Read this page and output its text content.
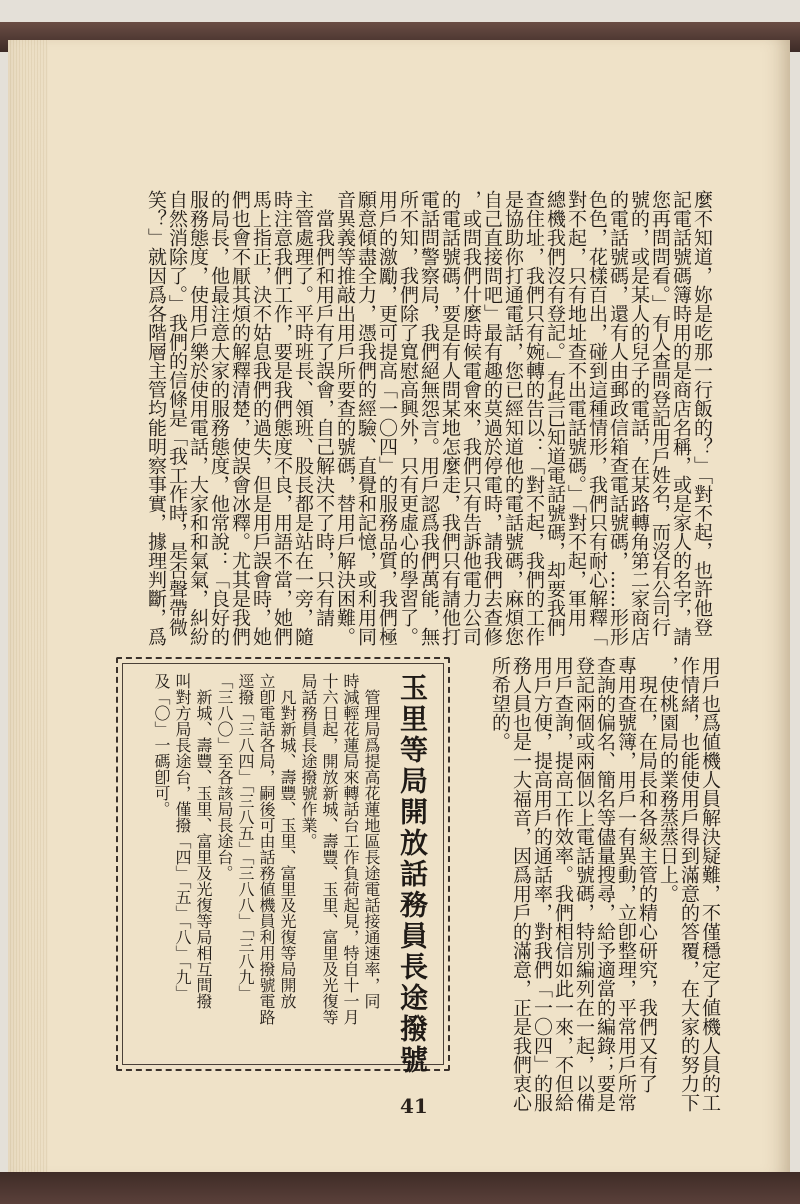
麼不知道，妳是吃那一行飯的？」「對不起，也許他登
記電話號碼簿時用的是商店名稱，或是家人的名字，請
您再問問看。」有人查問登記用戶姓名，而沒有公司行
號的，或是某人的兒子的電話，在某路轉角第二家商店
的電話號碼，還有人由郵政信箱查電話號碼，……形形
色色，花樣百出，碰到這種情形，我們只有耐心解釋「
對不起，只有地址查不出電話號碼。」「對不起，軍用
總機我們沒有登記。」有些已知道電話號碼，却要我們
查住址，我們只有婉轉的告以：「對不起，我們的工作
是協助你打通電話，您已經知道他的電話號碼，麻煩您
自己直接問吧」最有趣的莫過於停電時，請我們去查修
，或問我們什麼時候電會來，我們只有告訴他電力公司
的電話號碼，要是有人問某地怎麼走，我們只有請他打
電話問警察局，我們絕無怨言。用戶認爲我們萬能，無
所不知，我們除了寬慰高興外，只有更虛心的學習了。
用戶的激勵，更可提高「一〇四」的服務品質，我們極
願意傾盡全力，憑我們的經驗、直覺和記憶，或利用同
音異義等推敲出用戶所要查的號碼，替用戶解決困難。
　當我們和用戶有了誤會，自己解決不了時，只有請
主管處理了。平時班長、領班、股長都是站在一旁，隨
時注意我們工作，要是我們態度不良，用語不當，她們
馬上指正，決不姑息我們的過失，但是用戶誤會時，她
們也會不厭其煩的解釋清楚，使誤會冰釋。尤其是我們
的局長，他最注意大家的服務態度，他常說：「良好的
服務態度，使用戶樂於使用電話，大家和和氣氣，糾紛
自然消除了。」我們的信條是「我工作時，是否聲帶微
笑？」就因爲各階層主管均能明察事實，據理判斷，爲
用戶也爲値機人員解決疑難，不僅穩定了値機人員的工
作情緒，也能使用戶得到滿意的答覆，在大家的努力下
，使桃園局的業務蒸蒸日上。
　現在，在局長和各級主管的精心研究，我們又有了
專用查號簿，用戶一有異動，立卽整理，平常用戶所常
查詢的偏名、簡名等儘量搜尋，給予適當的編錄；要是
登記兩個或兩個以上電話號碼，特別編列在一起，以備
用戶查詢，提高工作效率。我們相信如此一來，不但給
用戶方便，提高用戶的通話率，對我們「一〇四」的服
務人員也是一大福音，因爲用戶的滿意，正是我們衷心
所希望的。
玉里等局開放話務員長途撥號
　管理局爲提高花蓮地區長途電話接通速率，同
時減輕花蓮局來轉話台工作負荷起見，特自十一月
十六日起，開放新城、壽豐、玉里、富里及光復等
局話務員長途撥號作業。
　凡對新城、壽豐、玉里、富里及光復等局開放
立卽電話各局，嗣後可由話務値機員利用撥號電路
逕撥「三八四」「三八五」「三八八」「三八九」
「三八〇」至各該局長途台。
　新城、壽豐、玉里、富里及光復等局相互間撥
叫對方局長途台，僅撥「四」「五」「八」「九」
及「〇」一碼卽可。
41
